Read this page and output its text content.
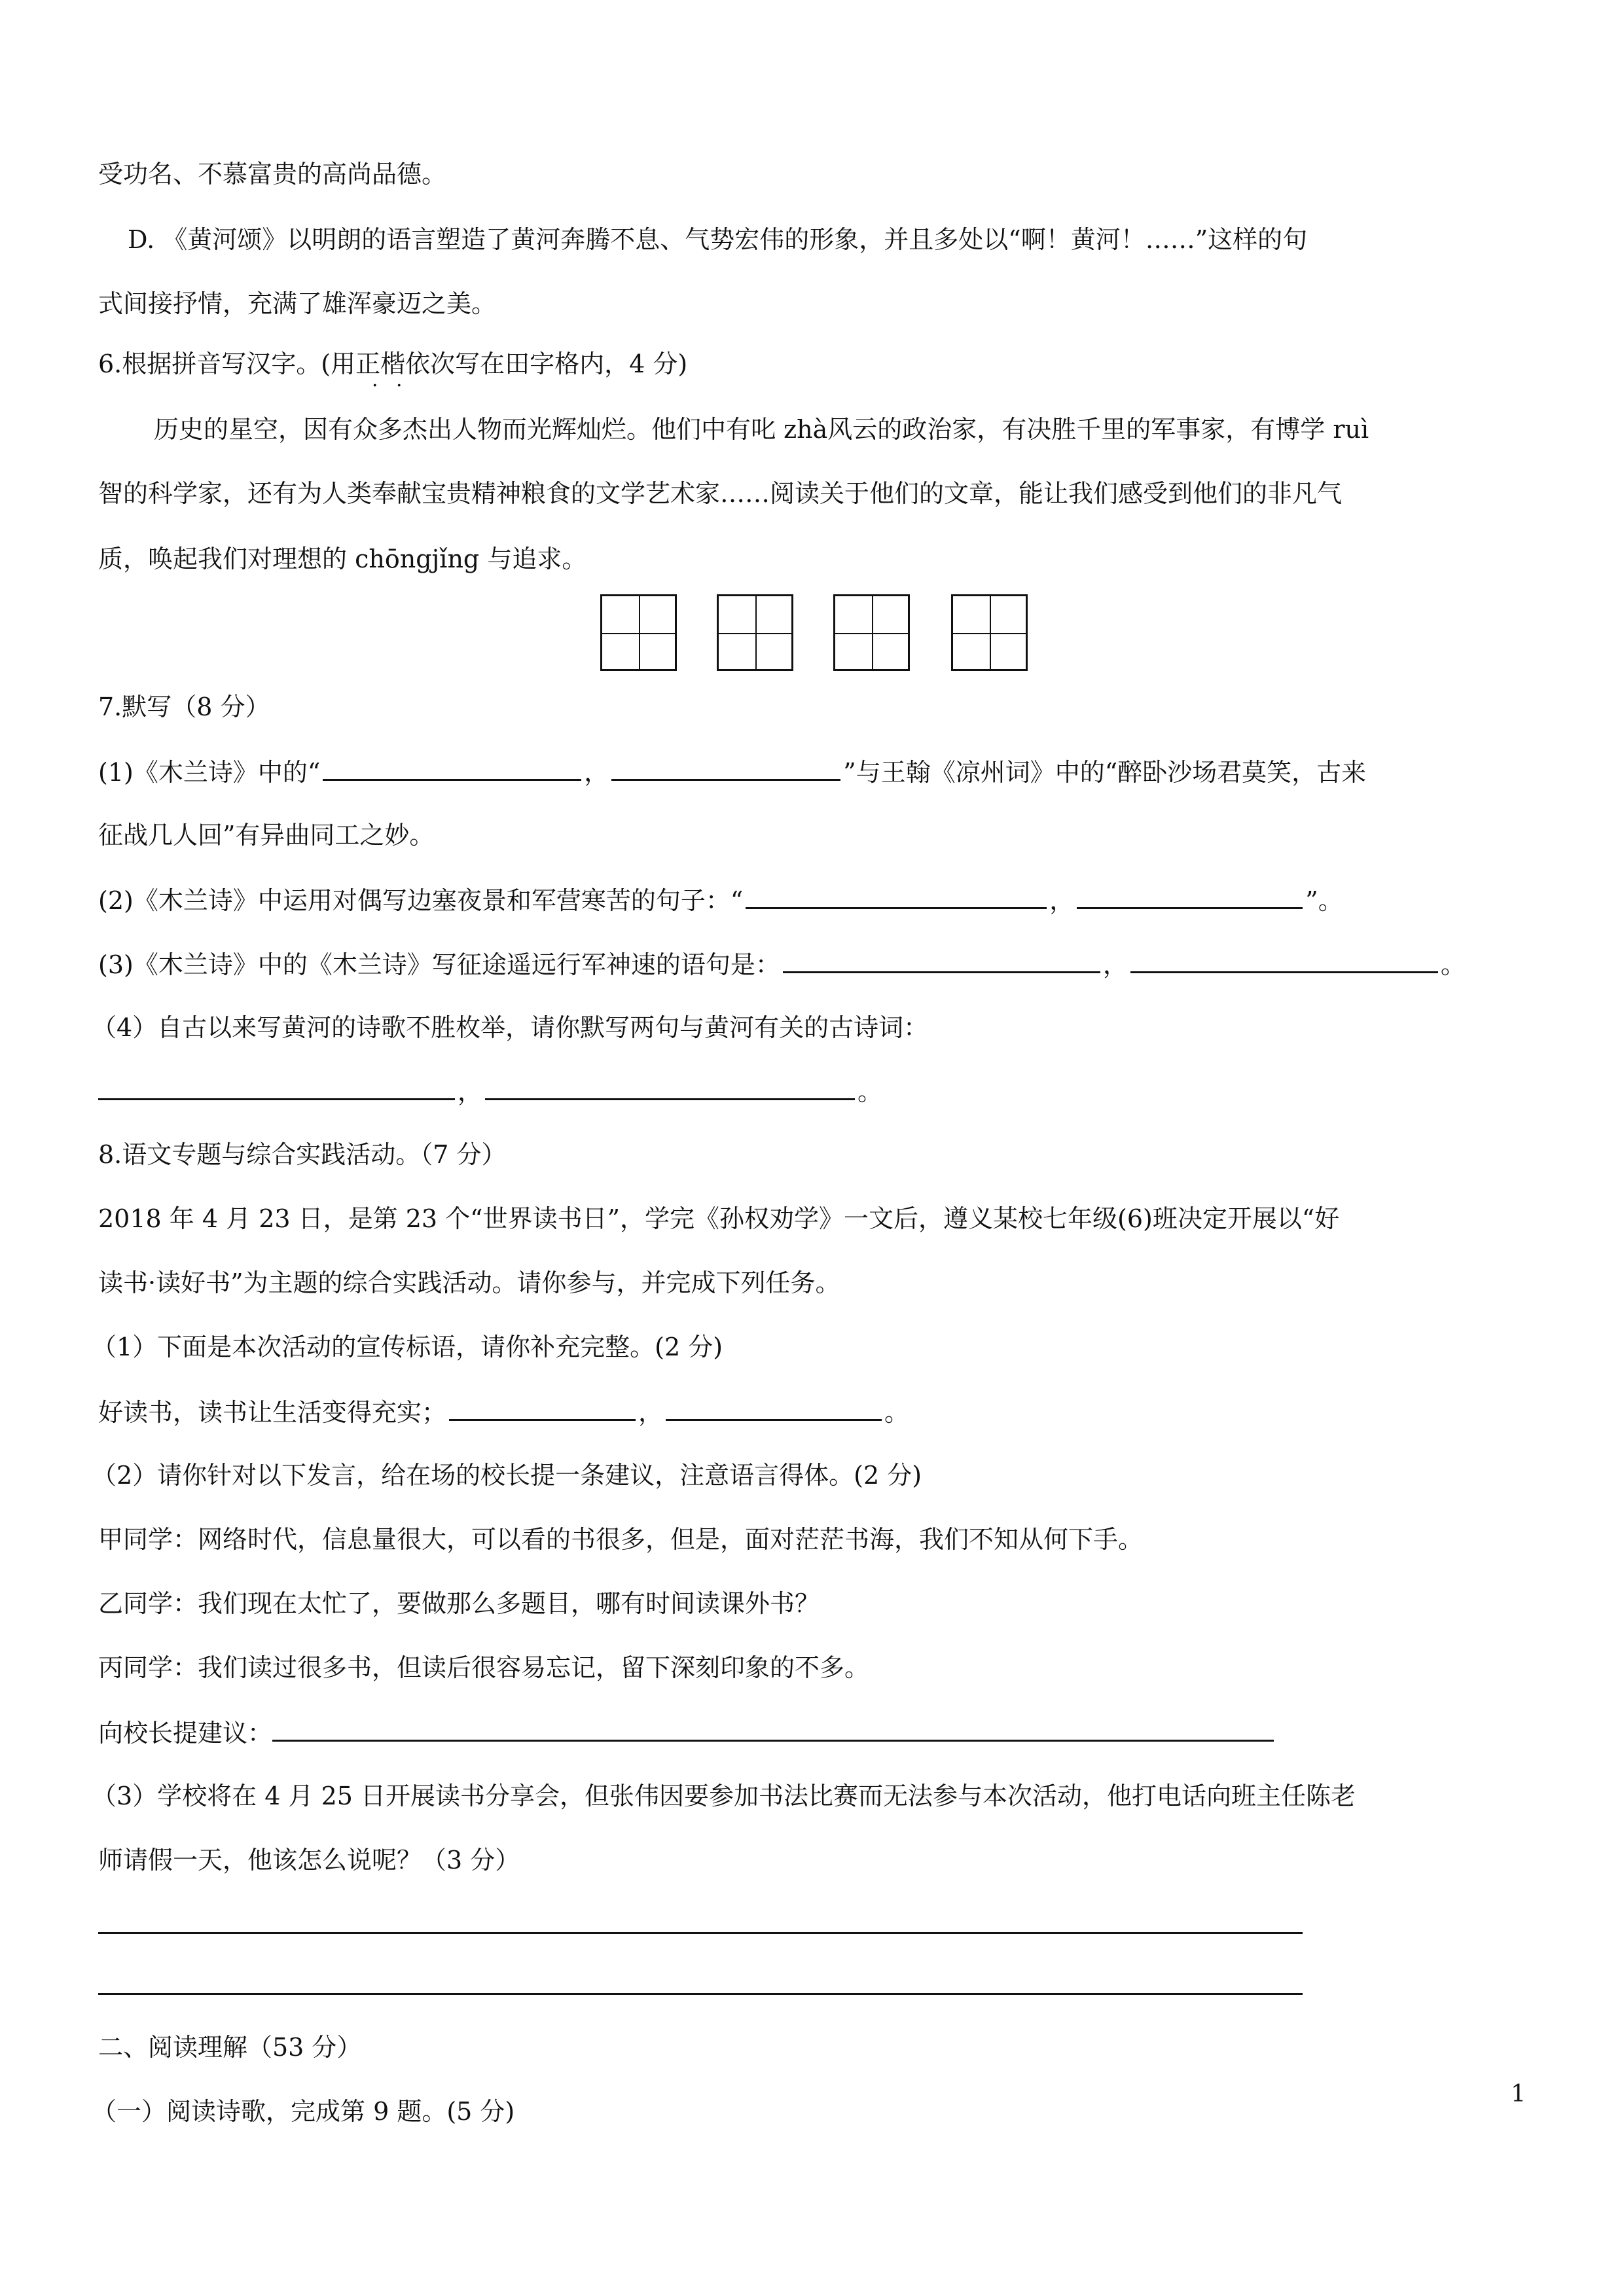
受功名、不慕富贵的高尚品德。
D. 《黄河颂》以明朗的语言塑造了黄河奔腾不息、气势宏伟的形象，并且多处以“啊！黄河！……”这样的句
式间接抒情，充满了雄浑豪迈之美。
6.根据拼音写汉字。(用正楷依次写在田字格内，4 分)
· ·
历史的星空，因有众多杰出人物而光辉灿烂。他们中有叱 zhà风云的政治家，有决胜千里的军事家，有博学 ruì
智的科学家，还有为人类奉献宝贵精神粮食的文学艺术家……阅读关于他们的文章，能让我们感受到他们的非凡气
质，唤起我们对理想的 chōngjǐng 与追求。
7.默写（8 分）
(1)《木兰诗》中的“	，	”与王翰《凉州词》中的“醉卧沙场君莫笑，古来
征战几人回”有异曲同工之妙。
(2)《木兰诗》中运用对偶写边塞夜景和军营寒苦的句子：“	，	”。
(3)《木兰诗》中的《木兰诗》写征途遥远行军神速的语句是：	，	。
（4）自古以来写黄河的诗歌不胜枚举，请你默写两句与黄河有关的古诗词：
，	。
8.语文专题与综合实践活动。（7 分）
2018 年 4 月 23 日，是第 23 个“世界读书日”，学完《孙权劝学》一文后，遵义某校七年级(6)班决定开展以“好
读书·读好书”为主题的综合实践活动。请你参与，并完成下列任务。
（1）下面是本次活动的宣传标语，请你补充完整。(2 分)
好读书，读书让生活变得充实；	，	。
（2）请你针对以下发言，给在场的校长提一条建议，注意语言得体。(2 分)
甲同学：网络时代，信息量很大，可以看的书很多，但是，面对茫茫书海，我们不知从何下手。
乙同学：我们现在太忙了，要做那么多题目，哪有时间读课外书？
丙同学：我们读过很多书，但读后很容易忘记，留下深刻印象的不多。
向校长提建议：
（3）学校将在 4 月 25 日开展读书分享会，但张伟因要参加书法比赛而无法参与本次活动，他打电话向班主任陈老
师请假一天，他该怎么说呢？（3 分）
二、阅读理解（53 分）
（一）阅读诗歌，完成第 9 题。(5 分)
1
